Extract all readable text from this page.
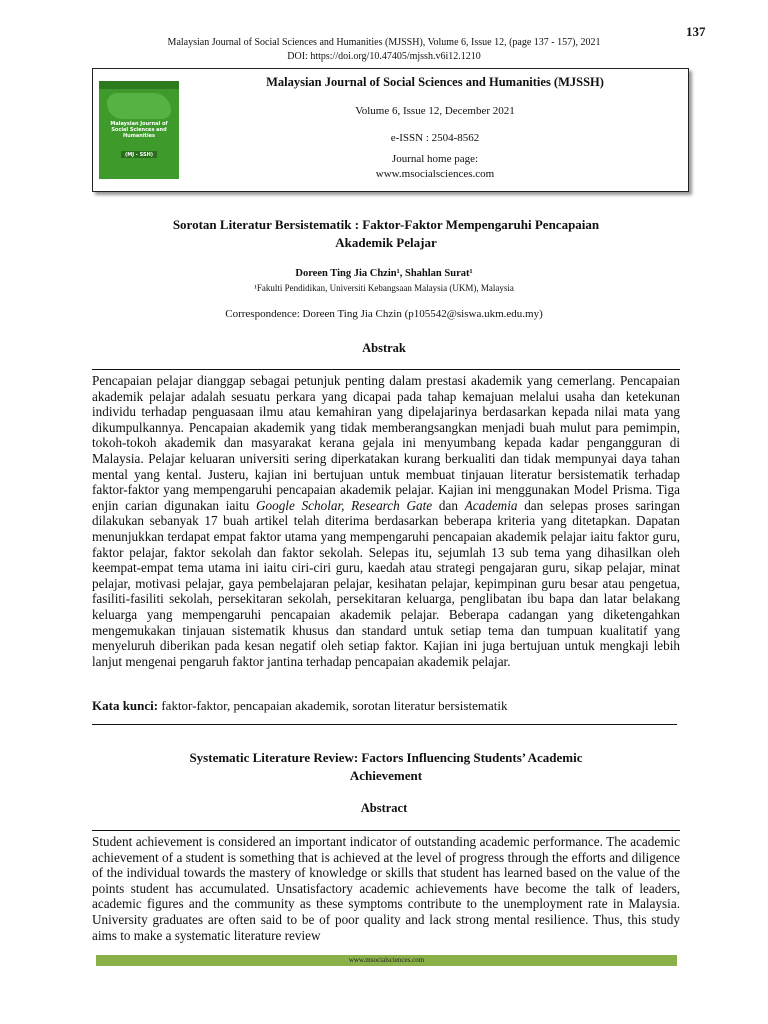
137
Malaysian Journal of Social Sciences and Humanities (MJSSH), Volume 6, Issue 12, (page 137 - 157), 2021
DOI: https://doi.org/10.47405/mjssh.v6i12.1210
Malaysian Journal of Social Sciences and Humanities
(MJ - SSH)
Malaysian Journal of Social Sciences and Humanities (MJSSH)
Volume 6, Issue 12, December 2021
e-ISSN : 2504-8562
Journal home page:
www.msocialsciences.com
Sorotan Literatur Bersistematik : Faktor-Faktor Mempengaruhi Pencapaian
Akademik Pelajar
Doreen Ting Jia Chzin¹, Shahlan Surat¹
¹Fakulti Pendidikan, Universiti Kebangsaan Malaysia (UKM), Malaysia
Correspondence: Doreen Ting Jia Chzin (p105542@siswa.ukm.edu.my)
Abstrak
Pencapaian pelajar dianggap sebagai petunjuk penting dalam prestasi akademik yang cemerlang. Pencapaian akademik pelajar adalah sesuatu perkara yang dicapai pada tahap kemajuan melalui usaha dan ketekunan individu terhadap penguasaan ilmu atau kemahiran yang dipelajarinya berdasarkan kepada nilai mata yang dikumpulkannya. Pencapaian akademik yang tidak memberangsangkan menjadi buah mulut para pemimpin, tokoh-tokoh akademik dan masyarakat kerana gejala ini menyumbang kepada kadar pengangguran di Malaysia. Pelajar keluaran universiti sering diperkatakan kurang berkualiti dan tidak mempunyai daya tahan mental yang kental. Justeru, kajian ini bertujuan untuk membuat tinjauan literatur bersistematik terhadap faktor-faktor yang mempengaruhi pencapaian akademik pelajar. Kajian ini menggunakan Model Prisma. Tiga enjin carian digunakan iaitu Google Scholar, Research Gate dan Academia dan selepas proses saringan dilakukan sebanyak 17 buah artikel telah diterima berdasarkan beberapa kriteria yang ditetapkan. Dapatan menunjukkan terdapat empat faktor utama yang mempengaruhi pencapaian akademik pelajar iaitu faktor guru, faktor pelajar, faktor sekolah dan faktor sekolah. Selepas itu, sejumlah 13 sub tema yang dihasilkan oleh keempat-empat tema utama ini iaitu ciri-ciri guru, kaedah atau strategi pengajaran guru, sikap pelajar, minat pelajar, motivasi pelajar, gaya pembelajaran pelajar, kesihatan pelajar, kepimpinan guru besar atau pengetua, fasiliti-fasiliti sekolah, persekitaran sekolah, persekitaran keluarga, penglibatan ibu bapa dan latar belakang keluarga yang mempengaruhi pencapaian akademik pelajar. Beberapa cadangan yang diketengahkan mengemukakan tinjauan sistematik khusus dan standard untuk setiap tema dan tumpuan kualitatif yang menyeluruh diberikan pada kesan negatif oleh setiap faktor. Kajian ini juga bertujuan untuk mengkaji lebih lanjut mengenai pengaruh faktor jantina terhadap pencapaian akademik pelajar.
Kata kunci: faktor-faktor, pencapaian akademik, sorotan literatur bersistematik
Systematic Literature Review: Factors Influencing Students’ Academic
Achievement
Abstract
Student achievement is considered an important indicator of outstanding academic performance. The academic achievement of a student is something that is achieved at the level of progress through the efforts and diligence of the individual towards the mastery of knowledge or skills that student has learned based on the value of the points student has accumulated. Unsatisfactory academic achievements have become the talk of leaders, academic figures and the community as these symptoms contribute to the unemployment rate in Malaysia. University graduates are often said to be of poor quality and lack strong mental resilience. Thus, this study aims to make a systematic literature review
www.msocialsciences.com
